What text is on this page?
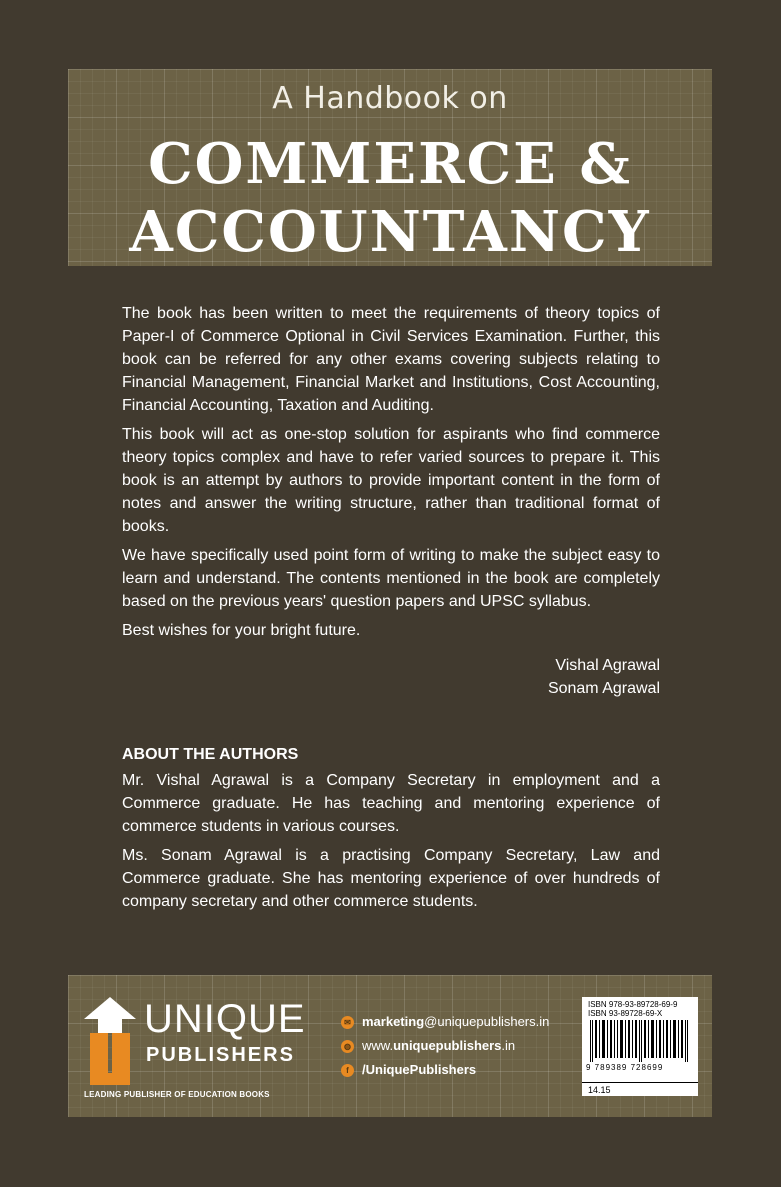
A Handbook on
COMMERCE &
ACCOUNTANCY

The book has been written to meet the requirements of theory topics of Paper-I of Commerce Optional in Civil Services Examination. Further, this book can be referred for any other exams covering subjects relating to Financial Management, Financial Market and Institutions, Cost Accounting, Financial Accounting, Taxation and Auditing.

This book will act as one-stop solution for aspirants who find commerce theory topics complex and have to refer varied sources to prepare it. This book is an attempt by authors to provide important content in the form of notes and answer the writing structure, rather than traditional format of books.

We have specifically used point form of writing to make the subject easy to learn and understand. The contents mentioned in the book are completely based on the previous years' question papers and UPSC syllabus.

Best wishes for your bright future.

Vishal Agrawal
Sonam Agrawal
ABOUT THE AUTHORS

Mr. Vishal Agrawal is a Company Secretary in employment and a Commerce graduate. He has teaching and mentoring experience of commerce students in various courses.

Ms. Sonam Agrawal is a practising Company Secretary, Law and Commerce graduate. She has mentoring experience of over hundreds of company secretary and other commerce students.

UNIQUE
PUBLISHERS
LEADING PUBLISHER OF EDUCATION BOOKS
✉ marketing@uniquepublishers.in
◍ www.uniquepublishers.in
f	/UniquePublishers
ISBN 978-93-89728-69-9
ISBN 93-89728-69-X
9 789389 728699
14.15
